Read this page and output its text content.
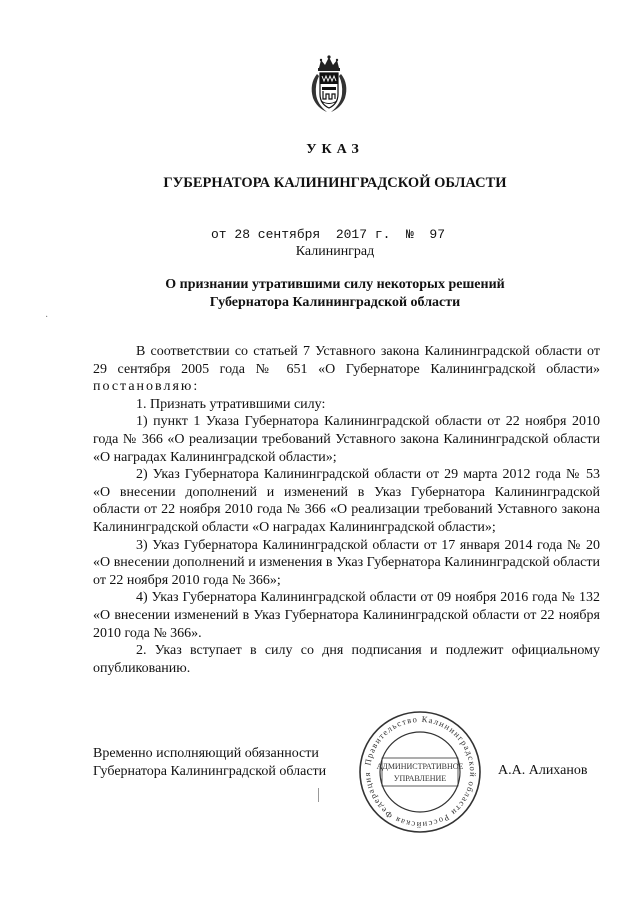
УКАЗ
ГУБЕРНАТОРА КАЛИНИНГРАДСКОЙ ОБЛАСТИ
от 28 сентября  2017 г.  №  97
Калининград
О признании утратившими силу некоторых решений
Губернатора Калининградской области
·

В соответствии со статьей 7 Уставного закона Калининградской области от 29 сентября 2005 года № 651 «О Губернаторе Калининградской области» постановляю:

1. Признать утратившими силу:

1) пункт 1 Указа Губернатора Калининградской области от 22 ноября 2010 года № 366 «О реализации требований Уставного закона Калининградской области «О наградах Калининградской области»;

2) Указ Губернатора Калининградской области от 29 марта 2012 года № 53 «О внесении дополнений и изменений в Указ Губернатора Калининградской области от 22 ноября 2010 года № 366 «О реализации требований Уставного закона Калининградской области «О наградах Калининградской области»;

3) Указ Губернатора Калининградской области от 17 января 2014 года № 20 «О внесении дополнений и изменения в Указ Губернатора Калининградской области от 22 ноября 2010 года № 366»;

4) Указ Губернатора Калининградской области от 09 ноября 2016 года № 132 «О внесении изменений в Указ Губернатора Калининградской области от 22 ноября 2010 года № 366».

2. Указ вступает в силу со дня подписания и подлежит официальному опубликованию.

Временно исполняющий обязанности
Губернатора Калининградской области
Правительство Калининградской области Российская Федерация
АДМИНИСТРАТИВНОЕ
УПРАВЛЕНИЕ
А.А. Алиханов
